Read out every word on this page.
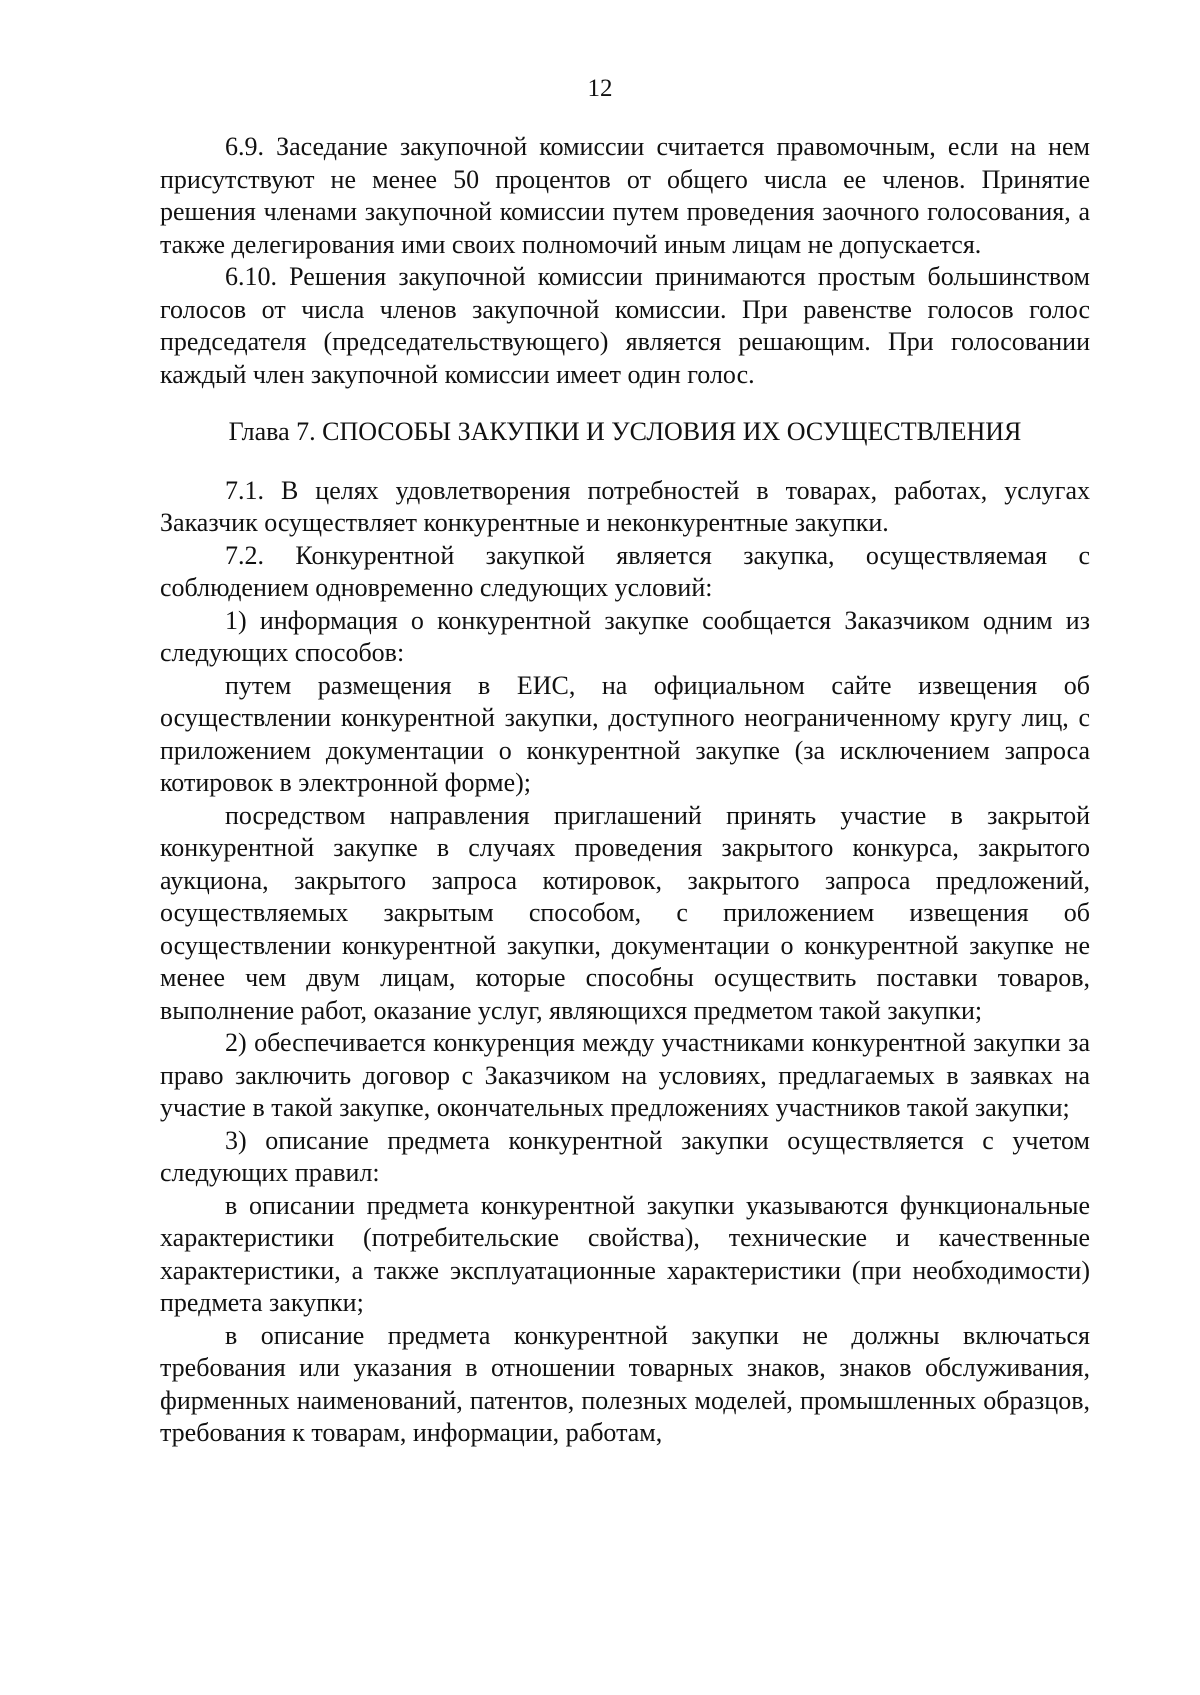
12

6.9. Заседание закупочной комиссии считается правомочным, если на нем присутствуют не менее 50 процентов от общего числа ее членов. Принятие решения членами закупочной комиссии путем проведения заочного голосования, а также делегирования ими своих полномочий иным лицам не допускается.

6.10. Решения закупочной комиссии принимаются простым большинством голосов от числа членов закупочной комиссии. При равенстве голосов голос председателя (председательствующего) является решающим. При голосовании каждый член закупочной комиссии имеет один голос.

Глава 7. СПОСОБЫ ЗАКУПКИ И УСЛОВИЯ ИХ ОСУЩЕСТВЛЕНИЯ

7.1. В целях удовлетворения потребностей в товарах, работах, услугах Заказчик осуществляет конкурентные и неконкурентные закупки.

7.2. Конкурентной закупкой является закупка, осуществляемая с соблюдением одновременно следующих условий:

1) информация о конкурентной закупке сообщается Заказчиком одним из следующих способов:

путем размещения в ЕИС, на официальном сайте извещения об осуществлении конкурентной закупки, доступного неограниченному кругу лиц, с приложением документации о конкурентной закупке (за исключением запроса котировок в электронной форме);

посредством направления приглашений принять участие в закрытой конкурентной закупке в случаях проведения закрытого конкурса, закрытого аукциона, закрытого запроса котировок, закрытого запроса предложений, осуществляемых закрытым способом, с приложением извещения об осуществлении конкурентной закупки, документации о конкурентной закупке не менее чем двум лицам, которые способны осуществить поставки товаров, выполнение работ, оказание услуг, являющихся предметом такой закупки;

2) обеспечивается конкуренция между участниками конкурентной закупки за право заключить договор с Заказчиком на условиях, предлагаемых в заявках на участие в такой закупке, окончательных предложениях участников такой закупки;

3) описание предмета конкурентной закупки осуществляется с учетом следующих правил:

в описании предмета конкурентной закупки указываются функциональные характеристики (потребительские свойства), технические и качественные характеристики, а также эксплуатационные характеристики (при необходимости) предмета закупки;

в описание предмета конкурентной закупки не должны включаться требования или указания в отношении товарных знаков, знаков обслуживания, фирменных наименований, патентов, полезных моделей, промышленных образцов, требования к товарам, информации, работам,
